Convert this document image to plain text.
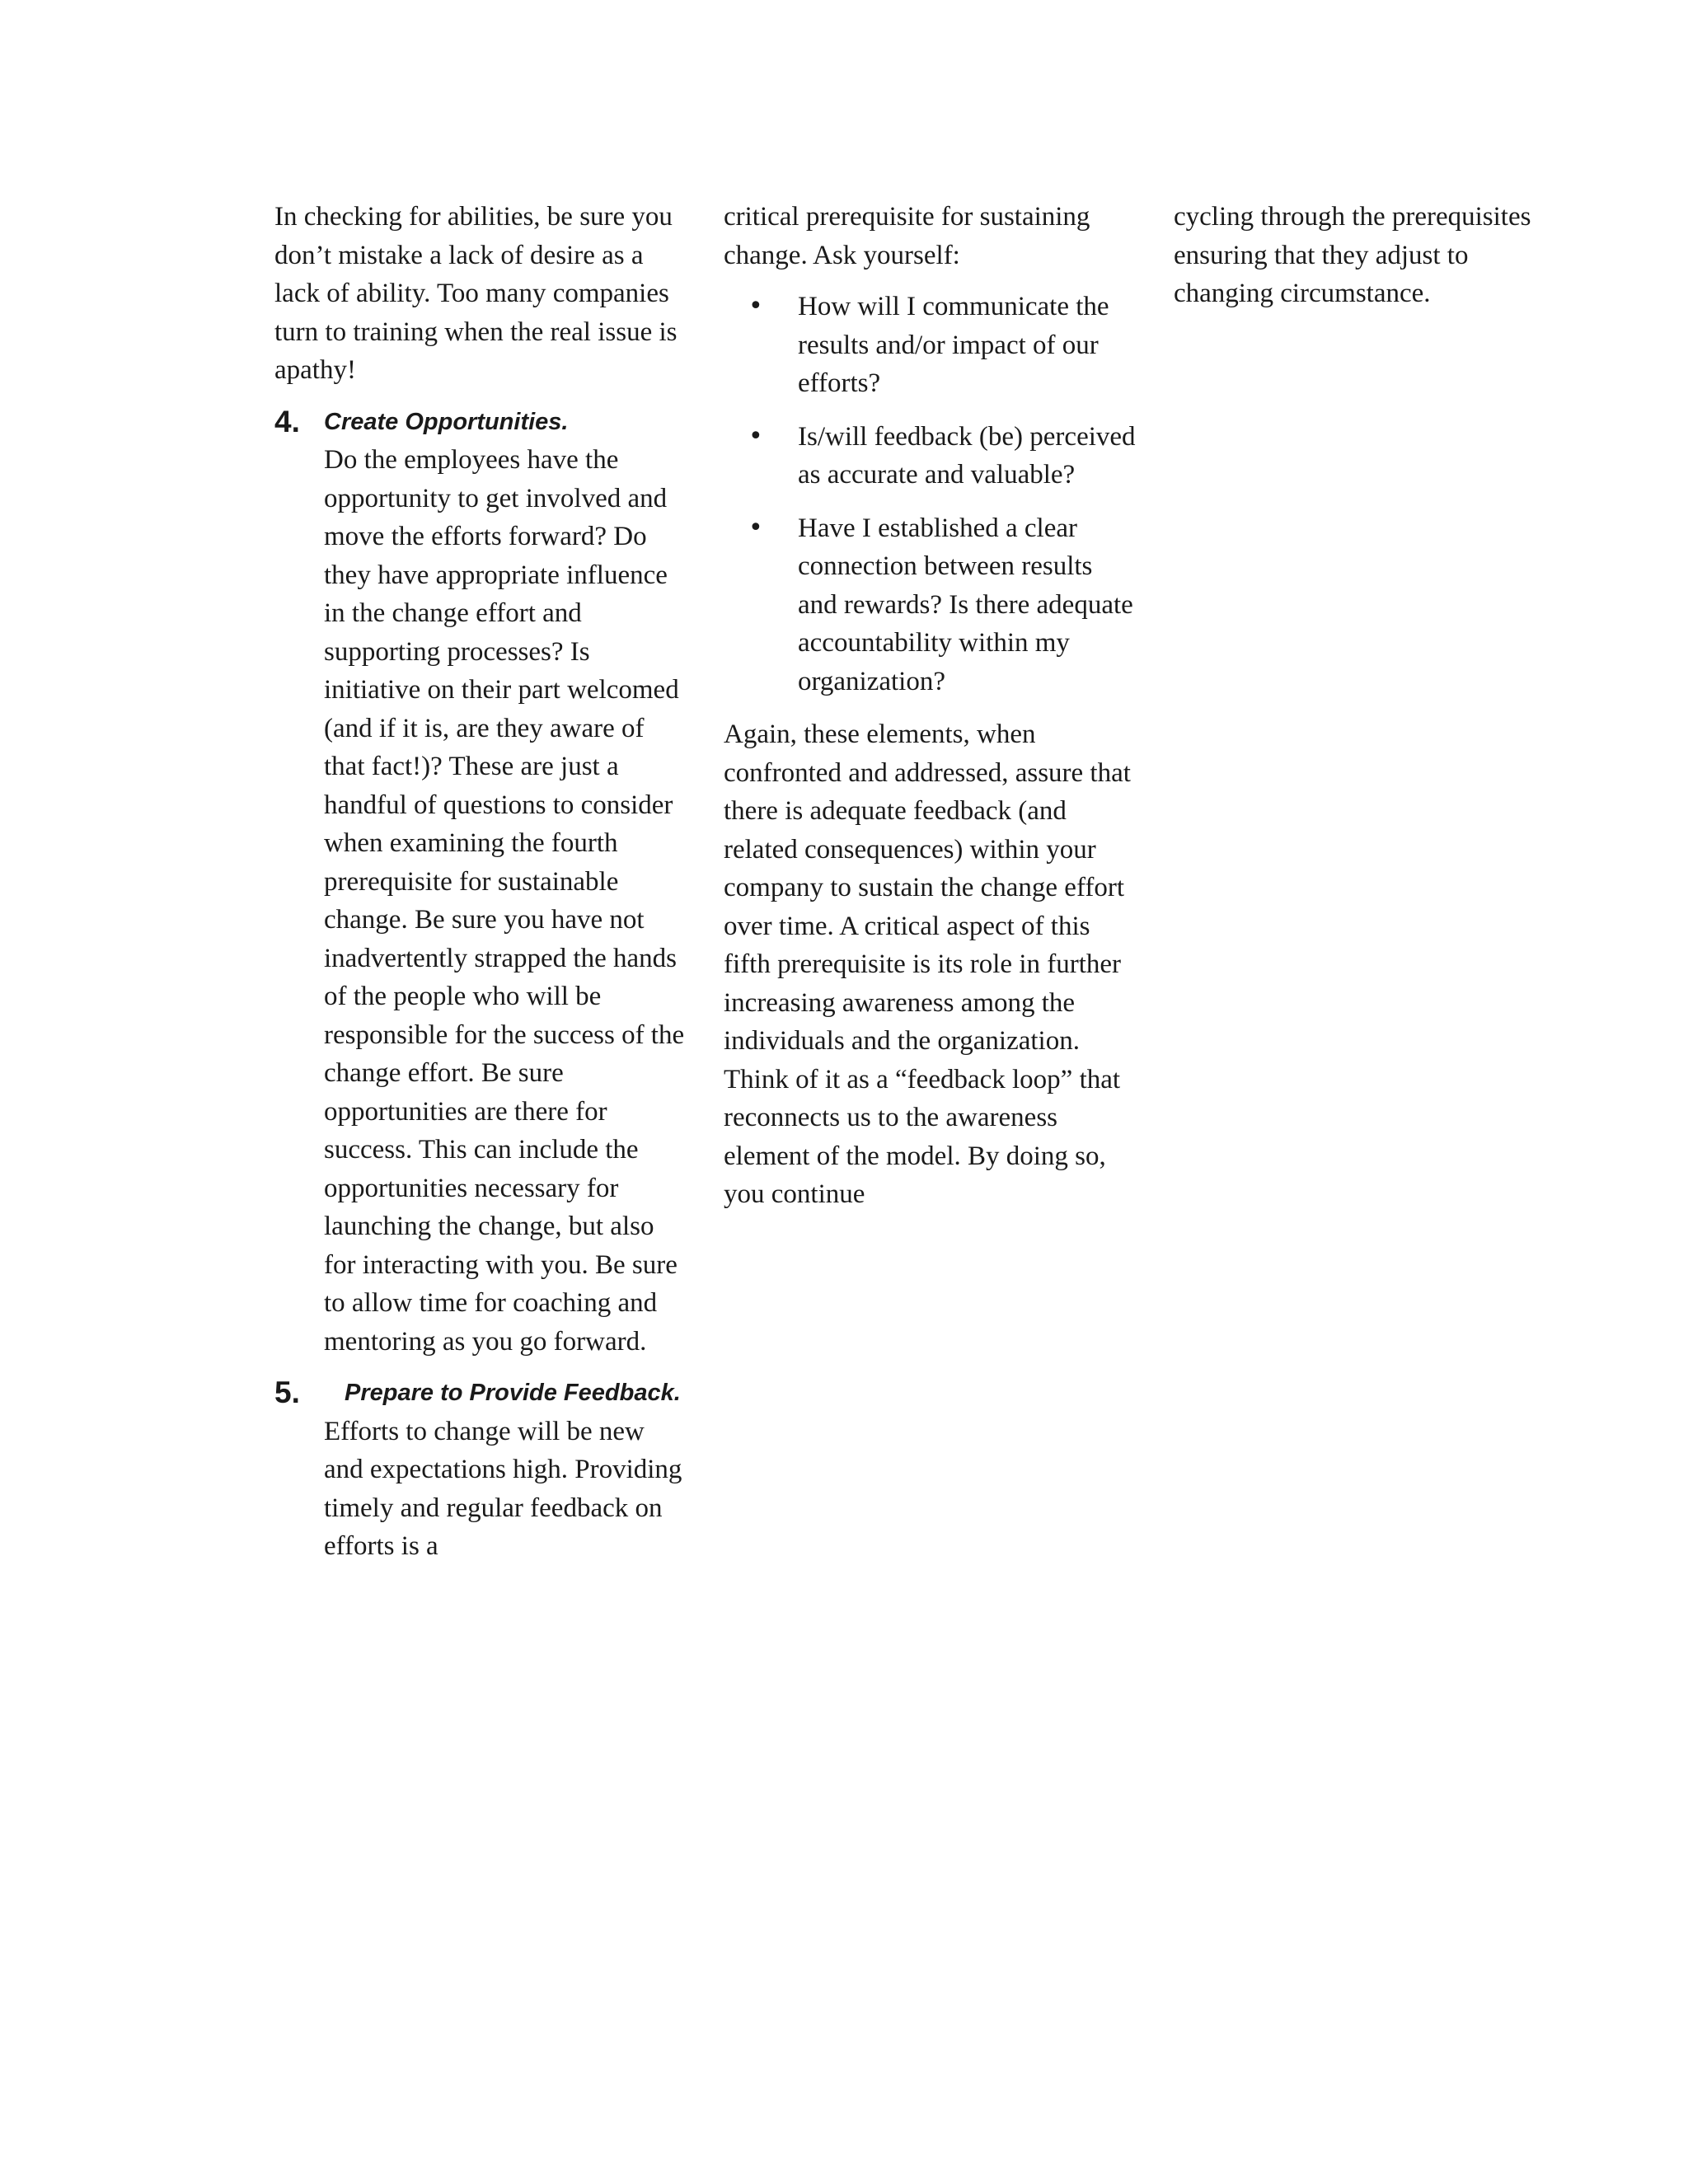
In checking for abilities, be sure you don’t mistake a lack of desire as a lack of ability. Too many companies turn to training when the real issue is apathy!

4. Create Opportunities.

Do the employees have the opportunity to get involved and move the efforts forward? Do they have appropriate influence in the change effort and supporting processes? Is initiative on their part welcomed (and if it is, are they aware of that fact!)? These are just a handful of questions to consider when examining the fourth prerequisite for sustainable change. Be sure you have not inadvertently strapped the hands of the people who will be responsible for the success of the change effort. Be sure opportunities are there for success. This can include the opportunities necessary for launching the change, but also for interacting with you. Be sure to allow time for coaching and mentoring as you go forward.

5.	Prepare to Provide Feedback.

Efforts to change will be new and expectations high. Providing timely and regular feedback on efforts is a

critical prerequisite for sustaining change. Ask yourself:

• How will I communicate the results and/or impact of our efforts?
• Is/will feedback (be) perceived as accurate and valuable?
• Have I established a clear connection between results and rewards? Is there adequate accountability within my organization?

Again, these elements, when confronted and addressed, assure that there is adequate feedback (and related consequences) within your company to sustain the change effort over time. A critical aspect of this fifth prerequisite is its role in further increasing awareness among the individuals and the organization. Think of it as a “feedback loop” that reconnects us to the awareness element of the model. By doing so, you continue

cycling through the prerequisites ensuring that they adjust to changing circumstance.
